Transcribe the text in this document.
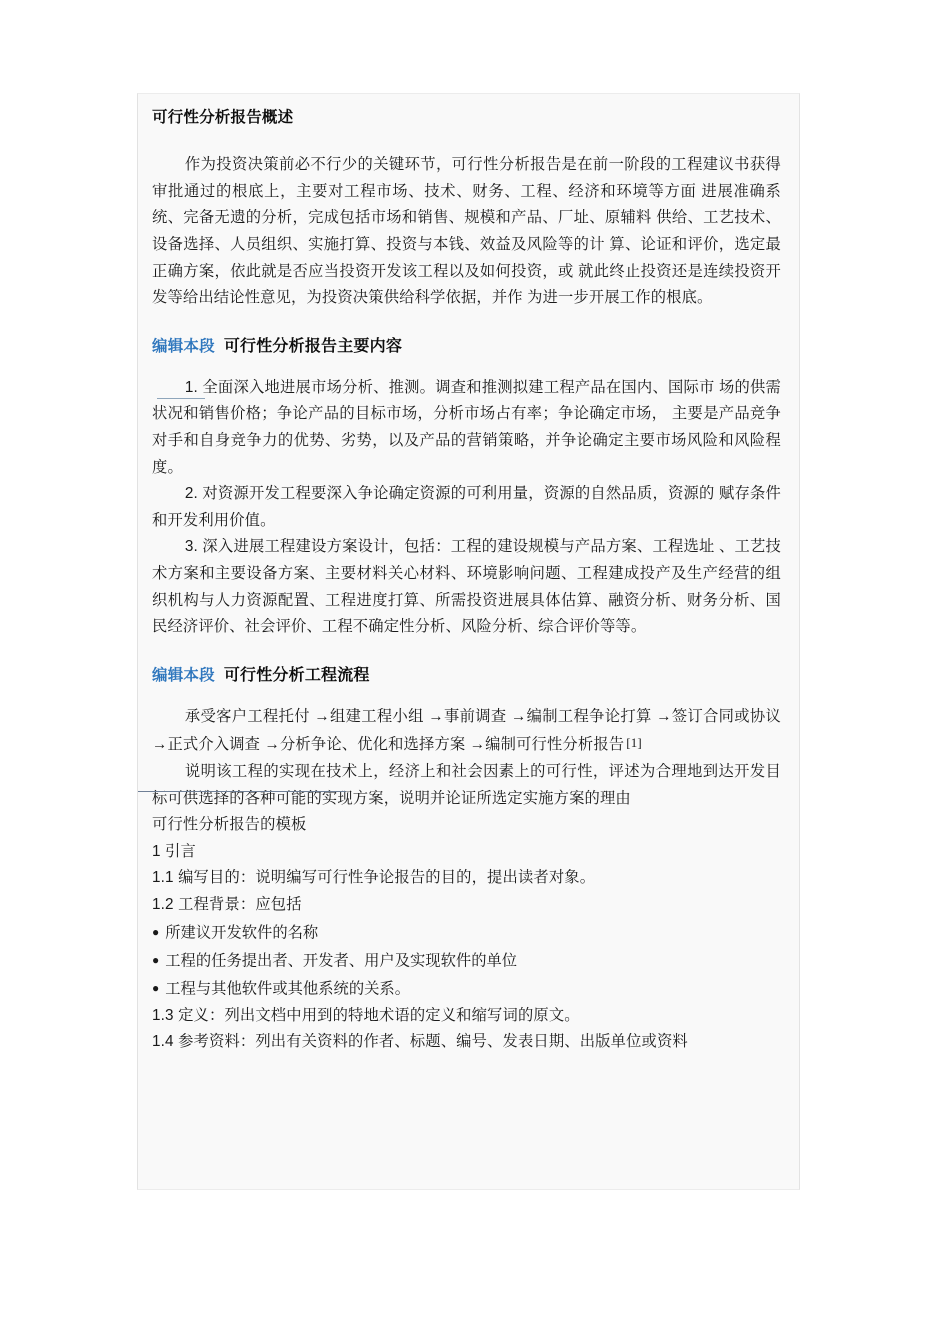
可行性分析报告概述

作为投资决策前必不行少的关键环节，可行性分析报告是在前一阶段的工程建议书获得审批通过的根底上，主要对工程市场、技术、财务、工程、经济和环境等方面 进展准确系统、完备无遗的分析，完成包括市场和销售、规模和产品、厂址、原辅料 供给、工艺技术、设备选择、人员组织、实施打算、投资与本钱、效益及风险等的计 算、论证和评价，选定最正确方案，依此就是否应当投资开发该工程以及如何投资，或 就此终止投资还是连续投资开发等给出结论性意见，为投资决策供给科学依据，并作 为进一步开展工作的根底。

编辑本段 可行性分析报告主要内容

1. 全面深入地进展市场分析、推测。调查和推测拟建工程产品在国内、国际市 场的供需状况和销售价格；争论产品的目标市场，分析市场占有率；争论确定市场， 主要是产品竞争对手和自身竞争力的优势、劣势，以及产品的营销策略，并争论确定主要市场风险和风险程度。

2. 对资源开发工程要深入争论确定资源的可利用量，资源的自然品质，资源的 赋存条件和开发利用价值。

3. 深入进展工程建设方案设计，包括：工程的建设规模与产品方案、工程选址 、工艺技术方案和主要设备方案、主要材料关心材料、环境影响问题、工程建成投产及生产经营的组织机构与人力资源配置、工程进度打算、所需投资进展具体估算、融资分析、财务分析、国民经济评价、社会评价、工程不确定性分析、风险分析、综合评价等等。

编辑本段 可行性分析工程流程

承受客户工程托付 →组建工程小组 →事前调查 →编制工程争论打算 →签订合同或协议→正式介入调查 →分析争论、优化和选择方案 →编制可行性分析报告 [1]

说明该工程的实现在技术上，经济上和社会因素上的可行性，评述为合理地到达开发目标可供选择的各种可能的实现方案，说明并论证所选定实施方案的理由

可行性分析报告的模板

1 引言

1.1 编写目的：说明编写可行性争论报告的目的，提出读者对象。

1.2 工程背景：应包括

● 所建议开发软件的名称

● 工程的任务提出者、开发者、用户及实现软件的单位

● 工程与其他软件或其他系统的关系。

1.3 定义：列出文档中用到的特地术语的定义和缩写词的原文。

1.4 参考资料：列出有关资料的作者、标题、编号、发表日期、出版单位或资料
